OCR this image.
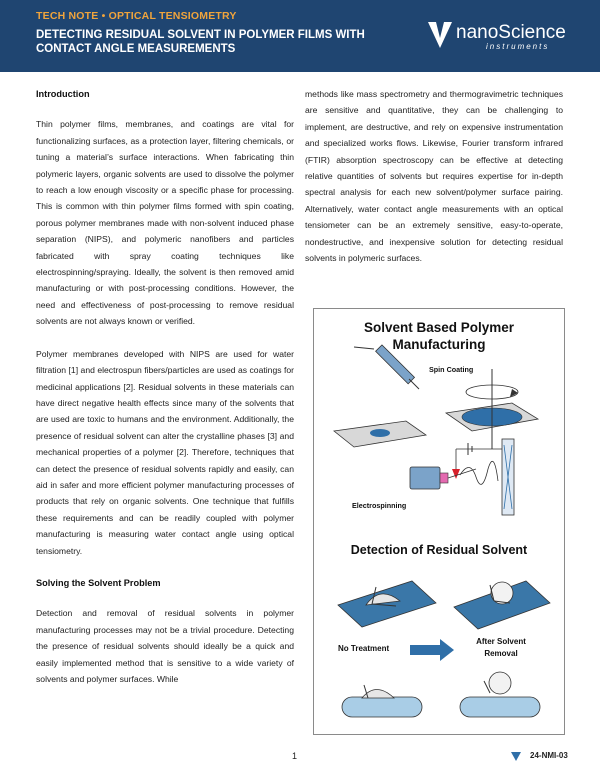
TECH NOTE • OPTICAL TENSIOMETRY
DETECTING RESIDUAL SOLVENT IN POLYMER FILMS WITH CONTACT ANGLE MEASUREMENTS
nanoScience
instruments
Introduction

Thin polymer films, membranes, and coatings are vital for functionalizing surfaces, as a protection layer, filtering chemicals, or tuning a material’s surface interactions. When fabricating thin polymeric layers, organic solvents are used to dissolve the polymer to reach a low enough viscosity or a specific phase for processing. This is common with thin polymer films formed with spin coating, porous polymer membranes made with non-solvent induced phase separation (NIPS), and polymeric nanofibers and particles fabricated with spray coating techniques like electrospinning/spraying. Ideally, the solvent is then removed amid manufacturing or with post-processing conditions. However, the need and effectiveness of post-processing to remove residual solvents are not always known or verified.

Polymer membranes developed with NIPS are used for water filtration [1] and electrospun fibers/particles are used as coatings for medicinal applications [2]. Residual solvents in these materials can have direct negative health effects since many of the solvents that are used are toxic to humans and the environment. Additionally, the presence of residual solvent can alter the crystalline phases [3] and mechanical properties of a polymer [2]. Therefore, techniques that can detect the presence of residual solvents rapidly and easily, can aid in safer and more efficient polymer manufacturing processes of products that rely on organic solvents. One technique that fulfills these requirements and can be readily coupled with polymer manufacturing is measuring water contact angle using optical tensiometry.

Solving the Solvent Problem

Detection and removal of residual solvents in polymer manufacturing processes may not be a trivial procedure. Detecting the presence of residual solvents should ideally be a quick and easily implemented method that is sensitive to a wide variety of solvents and polymer surfaces. While

methods like mass spectrometry and thermogravimetric techniques are sensitive and quantitative, they can be challenging to implement, are destructive, and rely on expensive instrumentation and specialized works flows. Likewise, Fourier transform infrared (FTIR) absorption spectroscopy can be effective at detecting relative quantities of solvents but requires expertise for in-depth spectral analysis for each new solvent/polymer surface pairing. Alternatively, water contact angle measurements with an optical tensiometer can be an extremely sensitive, easy-to-operate, nondestructive, and inexpensive solution for detecting residual solvents in polymeric surfaces.

Solvent Based Polymer
Manufacturing
Spin Coating
Electrospinning
Detection of Residual Solvent
No Treatment
After Solvent
Removal
1	24-NMI-03
